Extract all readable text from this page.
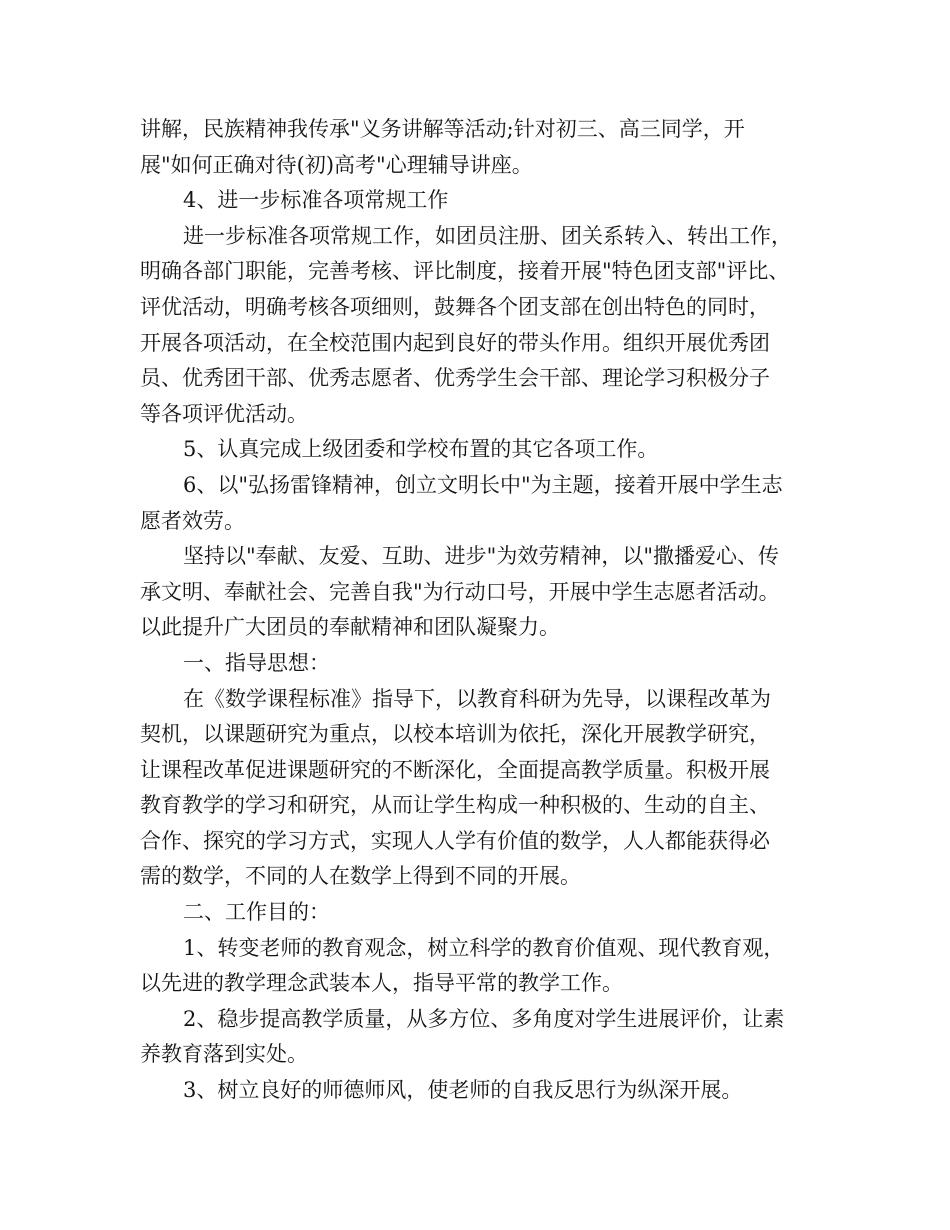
讲解，民族精神我传承"义务讲解等活动;针对初三、高三同学，开
展"如何正确对待(初)高考"心理辅导讲座。
4、进一步标准各项常规工作
进一步标准各项常规工作，如团员注册、团关系转入、转出工作，
明确各部门职能，完善考核、评比制度，接着开展"特色团支部"评比、
评优活动，明确考核各项细则，鼓舞各个团支部在创出特色的同时，
开展各项活动，在全校范围内起到良好的带头作用。组织开展优秀团
员、优秀团干部、优秀志愿者、优秀学生会干部、理论学习积极分子
等各项评优活动。
5、认真完成上级团委和学校布置的其它各项工作。
6、以"弘扬雷锋精神，创立文明长中"为主题，接着开展中学生志
愿者效劳。
坚持以"奉献、友爱、互助、进步"为效劳精神，以"撒播爱心、传
承文明、奉献社会、完善自我"为行动口号，开展中学生志愿者活动。
以此提升广大团员的奉献精神和团队凝聚力。
一、指导思想：
在《数学课程标准》指导下，以教育科研为先导，以课程改革为
契机，以课题研究为重点，以校本培训为依托，深化开展教学研究，
让课程改革促进课题研究的不断深化，全面提高教学质量。积极开展
教育教学的学习和研究，从而让学生构成一种积极的、生动的自主、
合作、探究的学习方式，实现人人学有价值的数学，人人都能获得必
需的数学，不同的人在数学上得到不同的开展。
二、工作目的：
1、转变老师的教育观念，树立科学的教育价值观、现代教育观，
以先进的教学理念武装本人，指导平常的教学工作。
2、稳步提高教学质量，从多方位、多角度对学生进展评价，让素
养教育落到实处。
3、树立良好的师德师风，使老师的自我反思行为纵深开展。
